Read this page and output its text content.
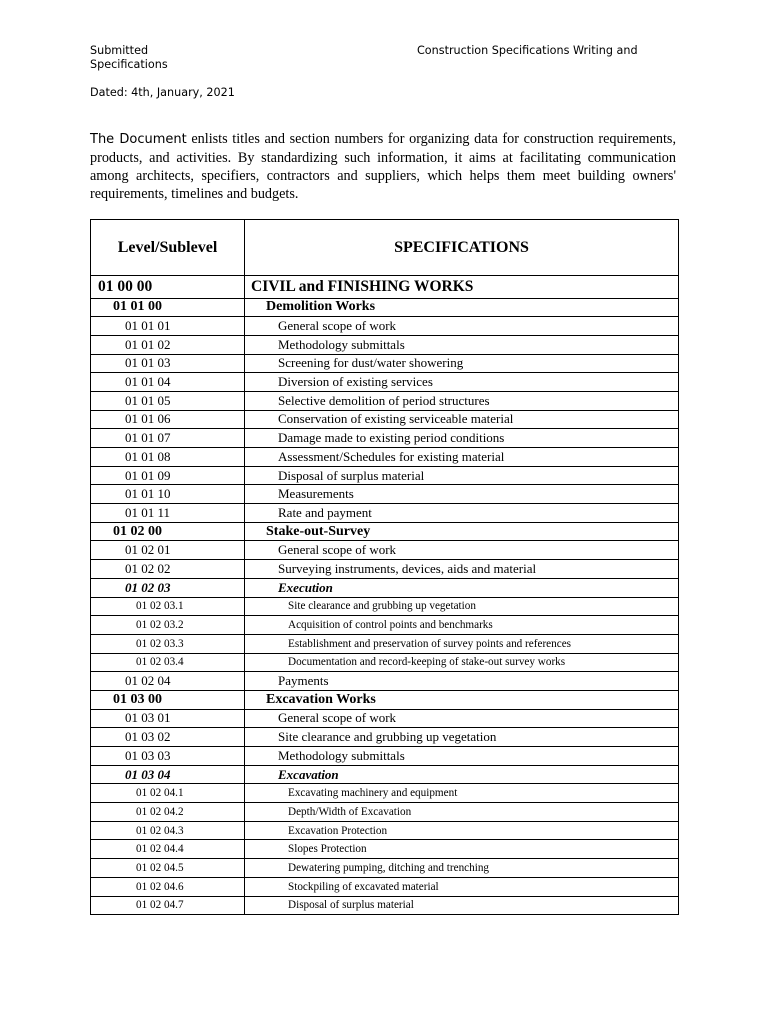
Submitted
Specifications
Construction Specifications Writing and
Dated: 4th, January, 2021

The Document enlists titles and section numbers for organizing data for construction requirements, products, and activities. By standardizing such information, it aims at facilitating communication among architects, specifiers, contractors and suppliers, which helps them meet building owners' requirements, timelines and budgets.

Level/Sublevel	SPECIFICATIONS
01 00 00	CIVIL and FINISHING WORKS
01 01 00	Demolition Works
01 01 01	General scope of work
01 01 02	Methodology submittals
01 01 03	Screening for dust/water showering
01 01 04	Diversion of existing services
01 01 05	Selective demolition of period structures
01 01 06	Conservation of existing serviceable material
01 01 07	Damage made to existing period conditions
01 01 08	Assessment/Schedules for existing material
01 01 09	Disposal of surplus material
01 01 10	Measurements
01 01 11	Rate and payment
01 02 00	Stake-out-Survey
01 02 01	General scope of work
01 02 02	Surveying instruments, devices, aids and material
01 02 03	Execution
01 02 03.1	Site clearance and grubbing up vegetation
01 02 03.2	Acquisition of control points and benchmarks
01 02 03.3	Establishment and preservation of survey points and references
01 02 03.4	Documentation and record-keeping of stake-out survey works
01 02 04	Payments
01 03 00	Excavation Works
01 03 01	General scope of work
01 03 02	Site clearance and grubbing up vegetation
01 03 03	Methodology submittals
01 03 04	Excavation
01 02 04.1	Excavating machinery and equipment
01 02 04.2	Depth/Width of Excavation
01 02 04.3	Excavation Protection
01 02 04.4	Slopes Protection
01 02 04.5	Dewatering pumping, ditching and trenching
01 02 04.6	Stockpiling of excavated material
01 02 04.7	Disposal of surplus material
